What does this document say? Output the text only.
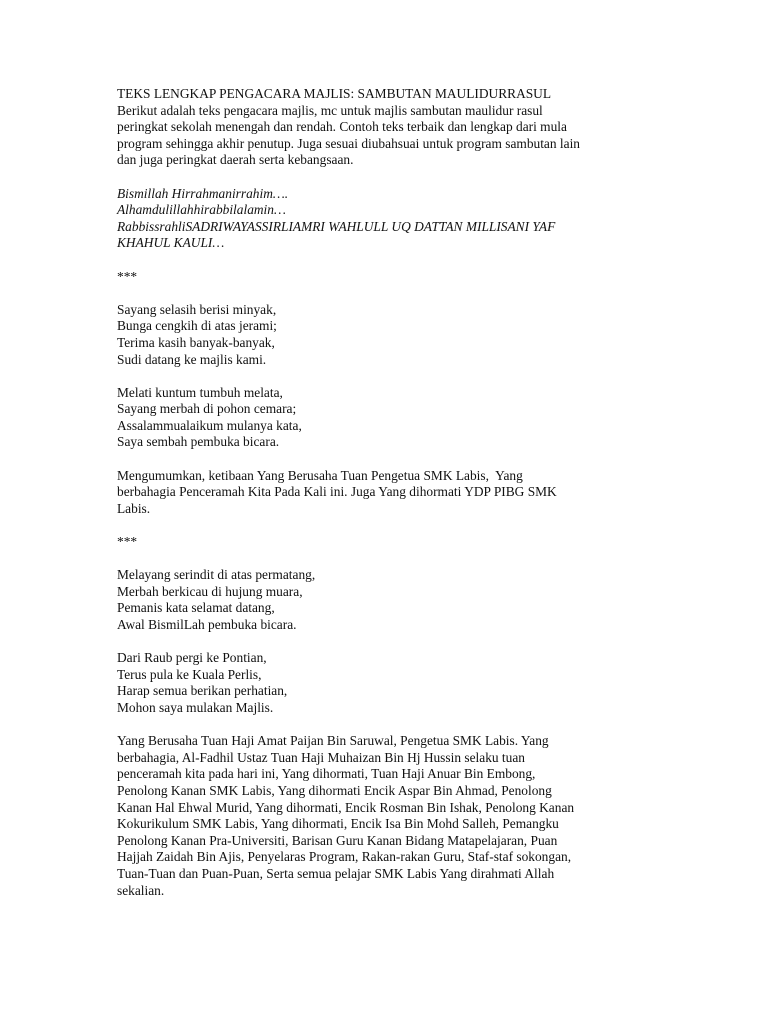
TEKS LENGKAP PENGACARA MAJLIS: SAMBUTAN MAULIDURRASUL
Berikut adalah teks pengacara majlis, mc untuk majlis sambutan maulidur rasul
peringkat sekolah menengah dan rendah. Contoh teks terbaik dan lengkap dari mula
program sehingga akhir penutup. Juga sesuai diubahsuai untuk program sambutan lain
dan juga peringkat daerah serta kebangsaan.
Bismillah Hirrahmanirrahim….
Alhamdulillahhirabbilalamin…
RabbissrahliSADRIWAYASSIRLIAMRI WAHLULL UQ DATTAN MILLISANI YAF
KHAHUL KAULI…
***
Sayang selasih berisi minyak,
Bunga cengkih di atas jerami;
Terima kasih banyak-banyak,
Sudi datang ke majlis kami.
Melati kuntum tumbuh melata,
Sayang merbah di pohon cemara;
Assalammualaikum mulanya kata,
Saya sembah pembuka bicara.
Mengumumkan, ketibaan Yang Berusaha Tuan Pengetua SMK Labis,  Yang
berbahagia Penceramah Kita Pada Kali ini. Juga Yang dihormati YDP PIBG SMK
Labis.
***
Melayang serindit di atas permatang,
Merbah berkicau di hujung muara,
Pemanis kata selamat datang,
Awal BismilLah pembuka bicara.
Dari Raub pergi ke Pontian,
Terus pula ke Kuala Perlis,
Harap semua berikan perhatian,
Mohon saya mulakan Majlis.
Yang Berusaha Tuan Haji Amat Paijan Bin Saruwal, Pengetua SMK Labis. Yang
berbahagia, Al-Fadhil Ustaz Tuan Haji Muhaizan Bin Hj Hussin selaku tuan
penceramah kita pada hari ini, Yang dihormati, Tuan Haji Anuar Bin Embong,
Penolong Kanan SMK Labis, Yang dihormati Encik Aspar Bin Ahmad, Penolong
Kanan Hal Ehwal Murid, Yang dihormati, Encik Rosman Bin Ishak, Penolong Kanan
Kokurikulum SMK Labis, Yang dihormati, Encik Isa Bin Mohd Salleh, Pemangku
Penolong Kanan Pra-Universiti, Barisan Guru Kanan Bidang Matapelajaran, Puan
Hajjah Zaidah Bin Ajis, Penyelaras Program, Rakan-rakan Guru, Staf-staf sokongan,
Tuan-Tuan dan Puan-Puan, Serta semua pelajar SMK Labis Yang dirahmati Allah
sekalian.
